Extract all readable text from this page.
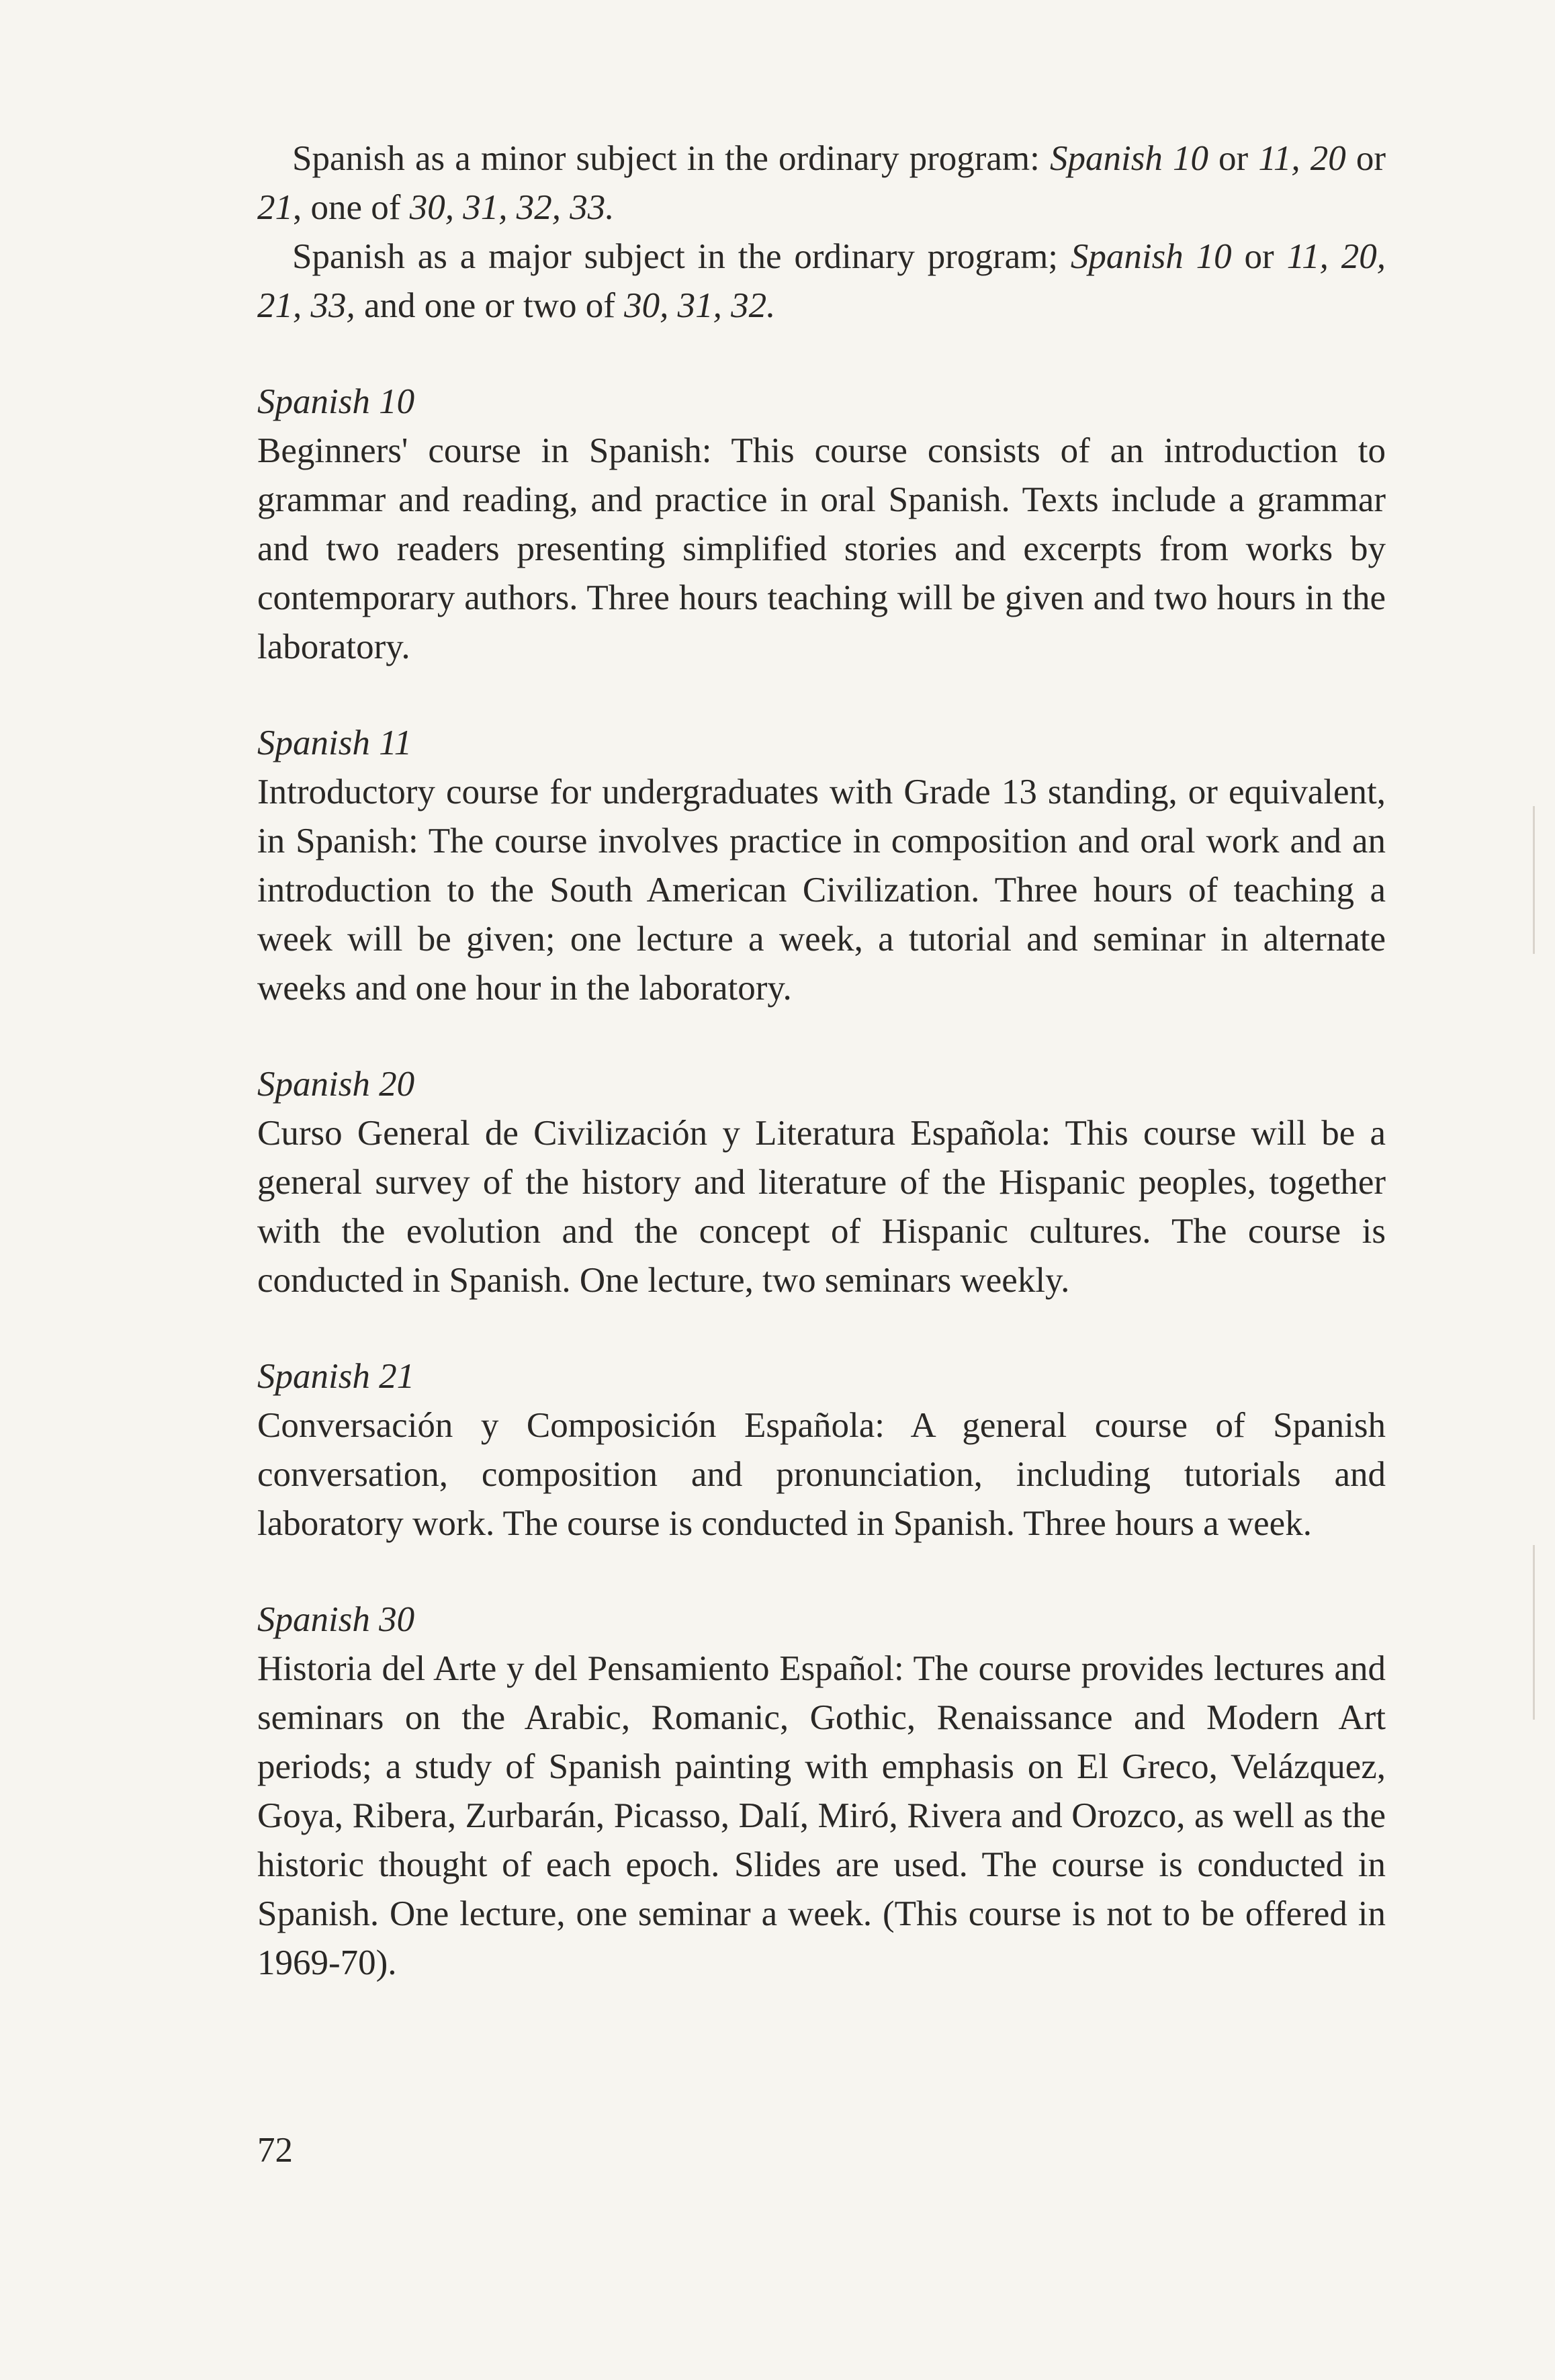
Spanish as a minor subject in the ordinary program: Spanish 10 or 11, 20 or 21, one of 30, 31, 32, 33.

Spanish as a major subject in the ordinary program; Spanish 10 or 11, 20, 21, 33, and one or two of 30, 31, 32.

Spanish 10

Beginners' course in Spanish: This course consists of an introduction to grammar and reading, and practice in oral Spanish. Texts include a grammar and two readers presenting simplified stories and excerpts from works by contemporary authors. Three hours teaching will be given and two hours in the laboratory.

Spanish 11

Introductory course for undergraduates with Grade 13 standing, or equivalent, in Spanish: The course involves practice in composition and oral work and an introduction to the South American Civilization. Three hours of teaching a week will be given; one lecture a week, a tutorial and seminar in alternate weeks and one hour in the laboratory.

Spanish 20

Curso General de Civilización y Literatura Española: This course will be a general survey of the history and literature of the Hispanic peoples, together with the evolution and the concept of Hispanic cultures. The course is conducted in Spanish. One lecture, two seminars weekly.

Spanish 21

Conversación y Composición Española: A general course of Spanish conversation, composition and pronunciation, including tutorials and laboratory work. The course is conducted in Spanish. Three hours a week.

Spanish 30

Historia del Arte y del Pensamiento Español: The course provides lectures and seminars on the Arabic, Romanic, Gothic, Renaissance and Modern Art periods; a study of Spanish painting with emphasis on El Greco, Velázquez, Goya, Ribera, Zurbarán, Picasso, Dalí, Miró, Rivera and Orozco, as well as the historic thought of each epoch. Slides are used. The course is conducted in Spanish. One lecture, one seminar a week. (This course is not to be offered in 1969-70).

72
